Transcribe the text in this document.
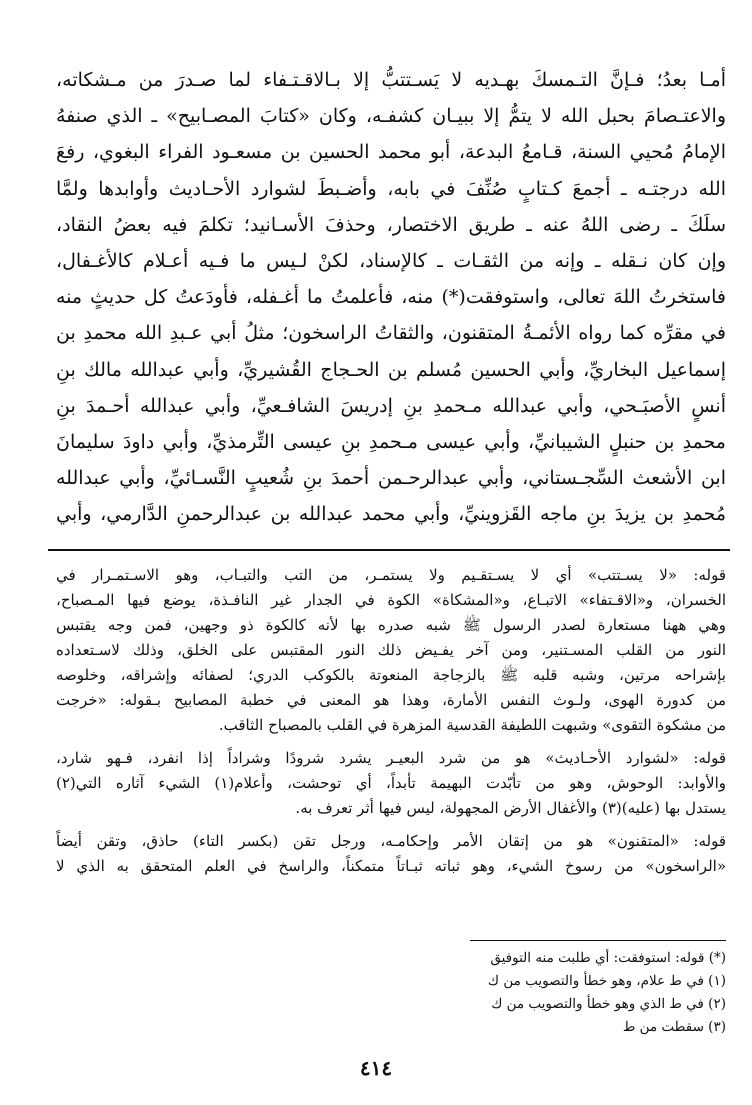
أمـا بعدُ؛ فـإنَّ التـمسكَ بهـديه لا يَسـتتبُّ إلا بـالاقـتـفاء لما صـدرَ من مـشكاته،

والاعتـصامَ بحبل الله لا يتمُّ إلا ببيـان كشفـه، وكان «كتابَ المصـابيح» ـ الذي صنفهُ

الإمامُ مُحيي السنة، قـامعُ البدعة، أبو محمد الحسين بن مسعـود الفراء البغوي، رفعَ

الله درجتـه ـ أجمعَ كـتابٍ صُنِّفَ في بابه، وأضـبطَ لشوارد الأحـاديث وأوابدها ولمَّا

سلَكَ ـ رضى اللهُ عنه ـ طريق الاختصار، وحذفَ الأسـانيد؛ تكلمَ فيه بعضُ النقاد،

وإن كان نـقله ـ وإنه من الثقـات ـ كالإسناد، لكنْ لـيس ما فـيه أعـلام كالأغـفال،

فاستخرتُ اللهَ تعالى، واستوفقت(*) منه، فأعلمتُ ما أغـفله، فأودَعتُ كل حديثٍ منه

في مقرِّه كما رواه الأئمـةُ المتقنون، والثقاتُ الراسخون؛ مثلُ أبي عـبدِ الله محمدِ بن

إسماعيل البخاريِّ، وأبي الحسين مُسلم بن الحـجاج القُشيريِّ، وأبي عبدالله مالك بنِ

أنسٍ الأصبَـحي، وأبي عبدالله مـحمدِ بنِ إدريسَ الشافـعيِّ، وأبي عبدالله أحـمدَ بنِ

محمدِ بن حنبلٍ الشيبانيِّ، وأبي عيسى مـحمدِ بنِ عيسى التِّرمذيِّ، وأبي داودَ سليمانَ

ابن الأشعث السِّجـستاني، وأبي عبدالرحـمن أحمدَ بنِ شُعيبٍ النَّسـائيِّ، وأبي عبدالله

مُحمدِ بن يزيدَ بنِ ماجه القَزوينيِّ، وأبي محمد عبدالله بن عبدالرحمنِ الدَّارمي، وأبي

قوله: «لا يسـتتب» أي لا يسـتقـيم ولا يستمـر، من التب والتبـاب، وهو الاسـتمـرار في
الخسران، و«الاقـتفاء» الاتبـاع، و«المشكاة» الكوة في الجدار غير النافـذة، يوضع فيها المـصباح،
وهي ههنا مستعارة لصدر الرسول ﷺ شبه صدره بها لأنه كالكوة ذو وجهين، فمن وجه يقتبس
النور من القلب المسـتنير، ومن آخر يفـيض ذلك النور المقتبس على الخلق، وذلك لاسـتعداده
بإشراحه مرتين، وشبه قلبه ﷺ بالزجاجة المنعوتة بالكوكب الدري؛ لصفائه وإشراقه، وخلوصه
من كدورة الهوى، ولـوث النفس الأمارة، وهذا هو المعنى في خطبة المصابيح بـقوله: «خرجت
من مشكوة التقوى» وشبهت اللطيفة القدسية المزهرة في القلب بالمصباح الثاقب.
قوله: «لشوارد الأحـاديث» هو من شرد البعيـر يشرد شرودًا وشراداً إذا انفرد، فـهو شارد،
والأوابد: الوحوش، وهو من تأبّدت البهيمة تأبداً، أي توحشت، وأعلام(١) الشيء آثاره التي(٢)
يستدل بها (عليه)(٣) والأغفال الأرض المجهولة، ليس فيها أثر تعرف به.
قوله: «المتقنون» هو من إتقان الأمر وإحكامـه، ورجل تقن (بكسر التاء) حاذق، وتقن أيضاً
«الراسخون» من رسوخ الشيء، وهو ثباته ثبـاتاً متمكناً، والراسخ في العلم المتحقق به الذي لا
(*) قوله: استوفقت: أي طلبت منه التوفيق
(١) في ط علام، وهو خطأ والتصويب من ك
(٢) في ط الذي وهو خطأ والتصويب من ك
(٣) سقطت من ط
٤١٤
